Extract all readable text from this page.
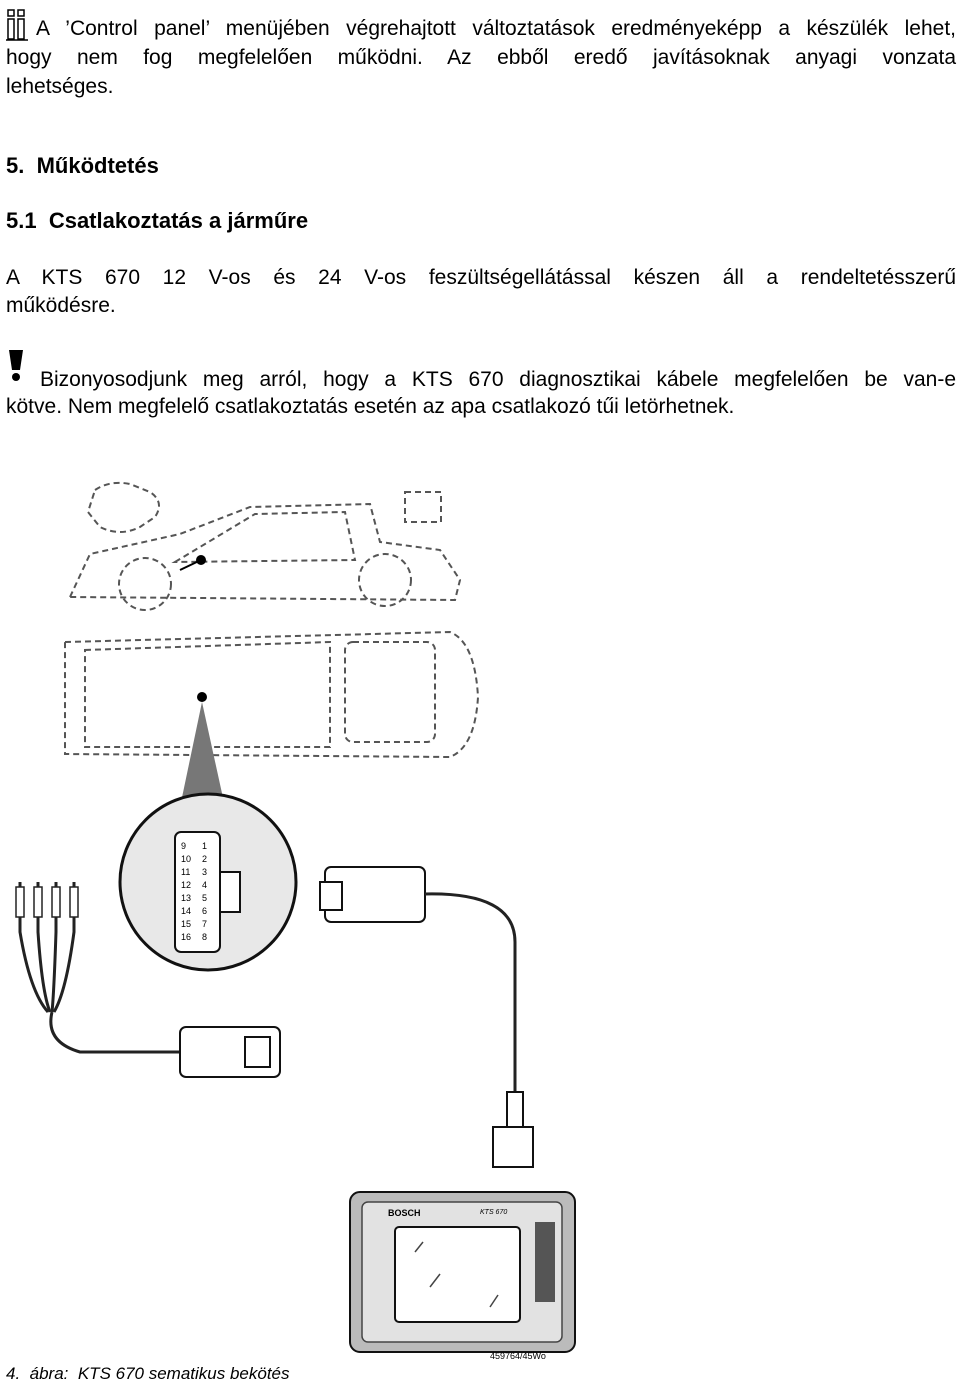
A ’Control panel’ menüjében végrehajtott változtatások eredményeképp a készülék lehet,
hogy nem fog megfelelően működni. Az ebből eredő javításoknak anyagi vonzata
lehetséges.
5. Működtetés
5.1 Csatlakoztatás a járműre
A KTS 670 12 V-os és 24 V-os feszültségellátással készen áll a rendeltetésszerű
működésre.
Bizonyosodjunk meg arról, hogy a KTS 670 diagnosztikai kábele megfelelően be van-e
kötve. Nem megfelelő csatlakoztatás esetén az apa csatlakozó tűi letörhetnek.
9 1
10 2
11 3
12 4
13 5
14 6
15 7
16 8
BOSCH	KTS 670
459764/45Wo
4. ábra: KTS 670 sematikus bekötés
